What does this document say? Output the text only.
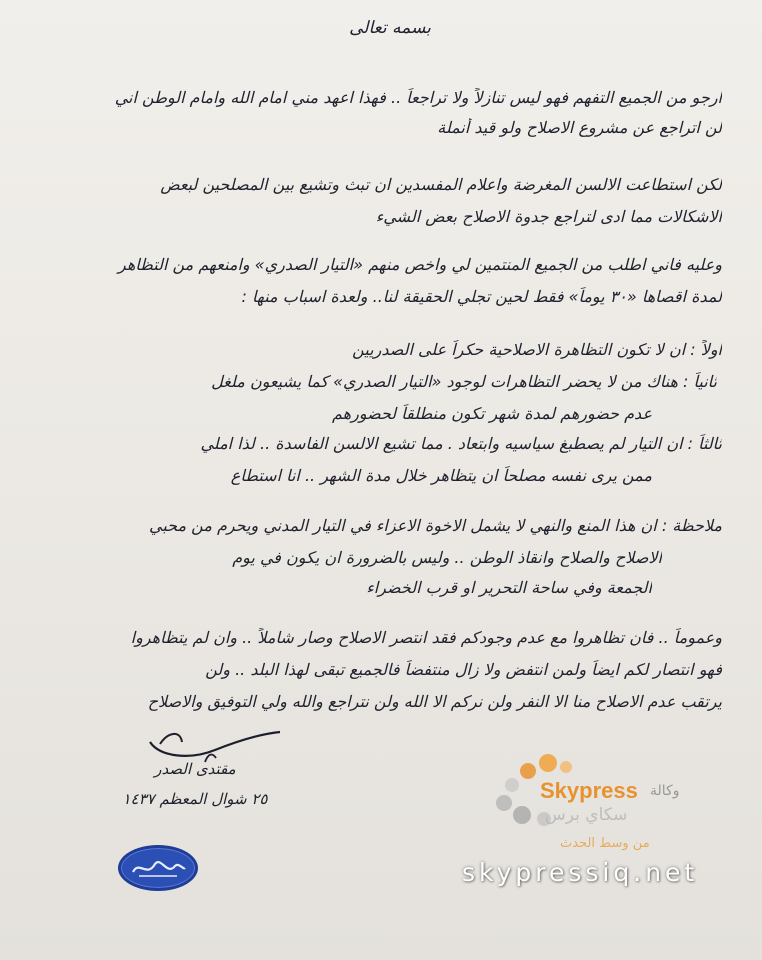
بسمه تعالى
ارجو من الجميع التفهم فهو ليس تنازلاً ولا تراجعاً .. فهذا اعهد مني امام الله وامام الوطن اني
لن اتراجع عن مشروع الاصلاح ولو قيد أنملة
لكن استطاعت الالسن المغرضة واعلام المفسدين ان تبث وتشيع بين المصلحين لبعض
الاشكالات مما ادى لتراجع جدوة الاصلاح بعض الشيء
وعليه فاني اطلب من الجميع المنتمين لي واخص منهم «التيار الصدري» وامنعهم من التظاهر
لمدة اقصاها «٣٠ يوماً» فقط لحين تجلي الحقيقة لنا.. ولعدة اسباب منها :
اولاً : ان لا تكون التظاهرة الاصلاحية حكراً على الصدريين
ثانياً : هناك من لا يحضر التظاهرات لوجود «التيار الصدري» كما يشيعون ملغل
عدم حضورهم لمدة شهر تكون منطلقاً لحضورهم
ثالثاً : ان التيار لم يصطبغ سياسيه وابتعاد . مما تشيع الالسن الفاسدة .. لذا املي
ممن يرى نفسه مصلحاً ان يتظاهر خلال مدة الشهر .. انا استطاع
ملاحظة : ان هذا المنع والنهي لا يشمل الاخوة الاعزاء في التيار المدني ويحرم من محبي
الاصلاح والصلاح وانقاذ الوطن .. وليس بالضرورة ان يكون في يوم
الجمعة وفي ساحة التحرير او قرب الخضراء
وعموماً .. فان تظاهروا مع عدم وجودكم فقد انتصر الاصلاح وصار شاملاً .. وان لم يتظاهروا
فهو انتصار لكم ايضاً ولمن انتفض ولا زال منتفضاً فالجميع تبقى لهذا البلد .. ولن
يرتقب عدم الاصلاح منا الا النفر ولن نركم الا الله ولن نتراجع والله ولي التوفيق والاصلاح
مقتدى الصدر
٢٥ شوال المعظم ١٤٣٧	Skypress وكالة
سكاي برس
من وسط الحدث
skypressiq.net
